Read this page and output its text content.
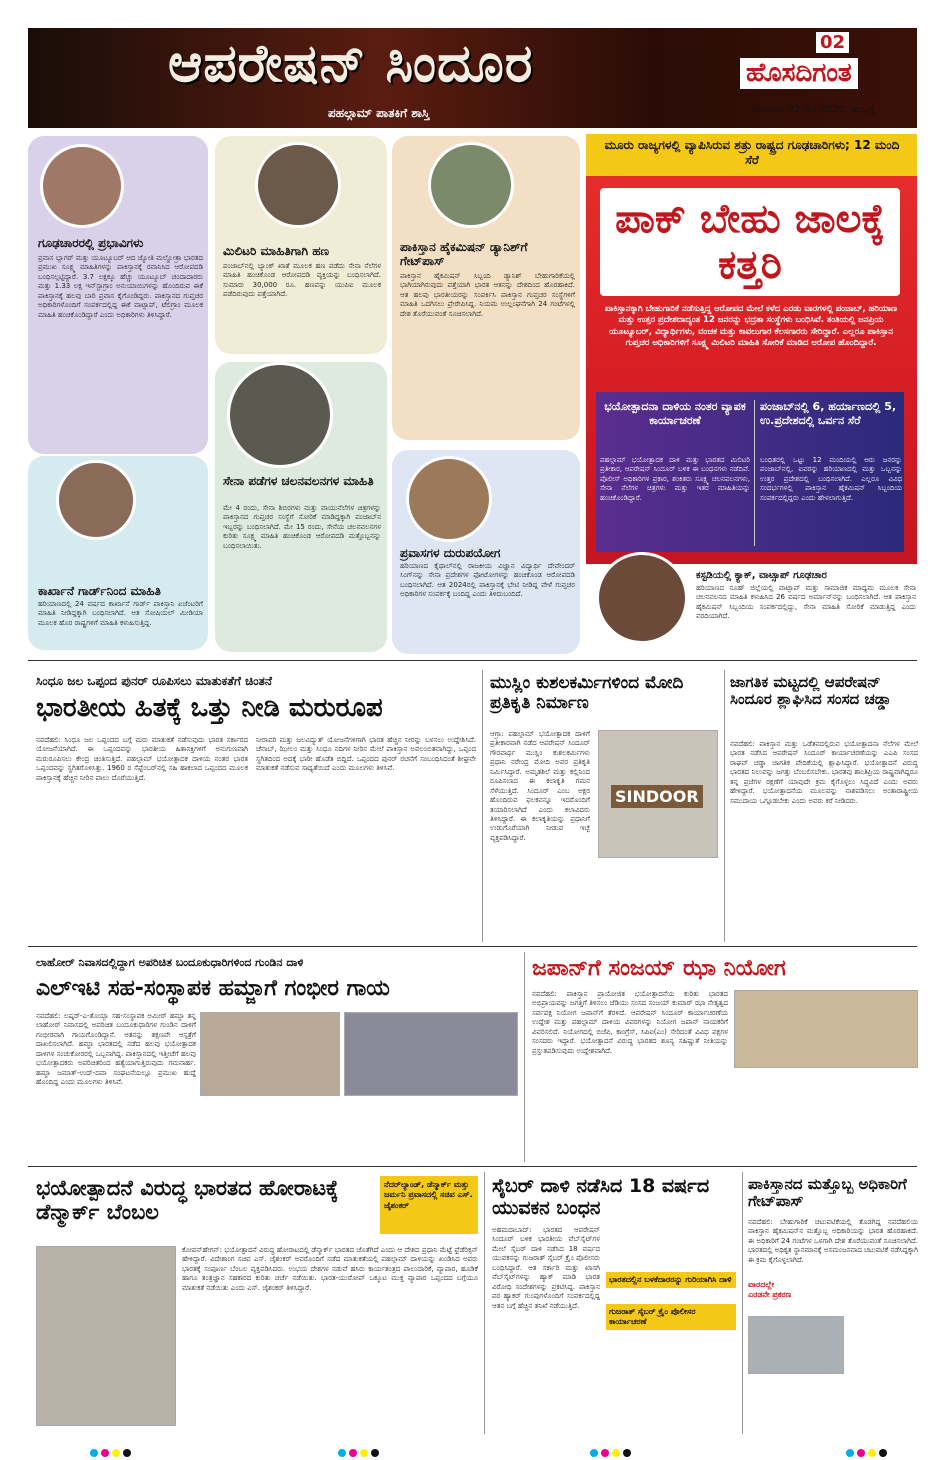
ಆಪರೇಷನ್ ಸಿಂದೂರ
ಪಹಲ್ಗಾಮ್ ಪಾತಕಿಗೆ ಶಾಸ್ತಿ
02
ಹೊಸದಿಗಂತ
ಗುರುವಾರ 22 ಮೇ 2025, ಹುಬ್ಬಳ್ಳಿ
ಗೂಢಚಾರರಲ್ಲಿ ಪ್ರಭಾವಿಗಳು
ಪ್ರವಾಸ ಬ್ಲಾಗರ್ ಮತ್ತು ಯೂಟ್ಯೂಬರ್ ಆದ ಜ್ಯೋತಿ ಮಲ್ಹೋತ್ರಾ ಭಾರತದ ಪ್ರಮುಖ ಸೂಕ್ಷ್ಮ ಮಾಹಿತಿಗಳನ್ನು ಪಾಕಿಸ್ತಾನಕ್ಕೆ ರವಾನಿಸಿದ ಆರೋಪದಡಿ ಬಂಧಿಸಲ್ಪಟ್ಟಿದ್ದಾರೆ. 3.7 ಲಕ್ಷಕ್ಕೂ ಹೆಚ್ಚು ಯೂಟ್ಯೂಬ್ ಚಂದಾದಾರರು ಮತ್ತು 1.33 ಲಕ್ಷ ಇನ್‌ಸ್ಟಾಗ್ರಾಂ ಅನುಯಾಯಿಗಳನ್ನು ಹೊಂದಿರುವ ಈಕೆ ಪಾಕಿಸ್ತಾನಕ್ಕೆ ಹಲವು ಬಾರಿ ಪ್ರವಾಸ ಕೈಗೊಂಡಿದ್ದರು. ಪಾಕಿಸ್ತಾನದ ಗುಪ್ತಚರ ಅಧಿಕಾರಿಗಳೊಂದಿಗೆ ಸಂಪರ್ಕದಲ್ಲಿದ್ದ ಈಕೆ ವಾಟ್ಸಾಪ್, ಟೆಲಿಗ್ರಾಂ ಮೂಲಕ ಮಾಹಿತಿ ಹಂಚಿಕೊಂಡಿದ್ದಾರೆ ಎಂದು ಅಧಿಕಾರಿಗಳು ತಿಳಿಸಿದ್ದಾರೆ.
ಮಿಲಿಟರಿ ಮಾಹಿತಿಗಾಗಿ ಹಣ
ಪಂಜಾಬ್‌ನಲ್ಲಿ ಬ್ಯಾಂಕ್ ಖಾತೆ ಮೂಲಕ ಹಣ ಪಡೆದು ಸೇನಾ ನೆಲೆಗಳ ಮಾಹಿತಿ ಹಂಚಿಕೊಂಡ ಆರೋಪದಡಿ ವ್ಯಕ್ತಿಯನ್ನು ಬಂಧಿಸಲಾಗಿದೆ. ಸುಮಾರು 30,000 ರೂ. ಹಣವನ್ನು ಯುಪಿಐ ಮೂಲಕ ಪಡೆದಿರುವುದು ಪತ್ತೆಯಾಗಿದೆ.
ಪಾಕಿಸ್ತಾನ ಹೈಕಮಿಷನ್ ಡ್ಯಾನಿಶ್‌ಗೆ ಗೇಟ್‌ಪಾಸ್
ಪಾಕಿಸ್ತಾನ ಹೈಕಮಿಷನ್ ಸಿಬ್ಬಂದಿ ಡ್ಯಾನಿಶ್ ಬೇಹುಗಾರಿಕೆಯಲ್ಲಿ ಭಾಗಿಯಾಗಿರುವುದು ಪತ್ತೆಯಾಗಿ ಭಾರತ ಆತನನ್ನು ದೇಶದಿಂದ ಹೊರಹಾಕಿದೆ. ಆತ ಹಲವು ಭಾರತೀಯರನ್ನು ಸಂಪರ್ಕಿಸಿ ಪಾಕಿಸ್ತಾನ ಗುಪ್ತಚರ ಸಂಸ್ಥೆಗಳಿಗೆ ಮಾಹಿತಿ ಒದಗಿಸಲು ಪ್ರೇರೇಪಿಸಿದ್ದ. ನಿಯಮ ಉಲ್ಲಂಘನೆಗಾಗಿ 24 ಗಂಟೆಗಳಲ್ಲಿ ದೇಶ ತೊರೆಯುವಂತೆ ಸೂಚಿಸಲಾಗಿದೆ.
ಕಾರ್ಖಾನೆ ಗಾರ್ಡ್‌ನಿಂದ ಮಾಹಿತಿ
ಹರಿಯಾಣದಲ್ಲಿ 24 ವರ್ಷದ ಕಾರ್ಖಾನೆ ಗಾರ್ಡ್ ಪಾಕಿಸ್ತಾನಿ ಏಜೆಂಟರಿಗೆ ಮಾಹಿತಿ ನೀಡಿದ್ದಕ್ಕಾಗಿ ಬಂಧಿಸಲಾಗಿದೆ. ಆತ ಸೋಷಿಯಲ್ ಮೀಡಿಯಾ ಮೂಲಕ ಹೊರ ರಾಷ್ಟ್ರಗಳಿಗೆ ಮಾಹಿತಿ ಕಳುಹಿಸುತ್ತಿದ್ದ.
ಸೇನಾ ಪಡೆಗಳ ಚಲನವಲನಗಳ ಮಾಹಿತಿ
ಮೇ 4 ರಂದು, ಸೇನಾ ಶಿಬಿರಗಳು ಮತ್ತು ವಾಯುನೆಲೆಗಳ ಚಿತ್ರಗಳನ್ನು ಪಾಕಿಸ್ತಾನದ ಗುಪ್ತಚರ ಸಂಸ್ಥೆಗೆ ಸೋರಿಕೆ ಮಾಡಿದ್ದಕ್ಕಾಗಿ ಪಂಜಾಬ್‌ನ ಇಬ್ಬರನ್ನು ಬಂಧಿಸಲಾಗಿದೆ. ಮೇ 15 ರಂದು, ಸೇನೆಯ ಚಲನವಲನಗಳ ಕುರಿತು ಸೂಕ್ಷ್ಮ ಮಾಹಿತಿ ಹಂಚಿಕೊಂಡ ಆರೋಪದಡಿ ಮತ್ತೊಬ್ಬನನ್ನು ಬಂಧಿಸಲಾಯಿತು.
ಪ್ರವಾಸಗಳ ದುರುಪಯೋಗ
ಹರಿಯಾಣದ ಕೈಥಾಲ್‌ನಲ್ಲಿ ರಾಜಕೀಯ ವಿಜ್ಞಾನ ವಿದ್ಯಾರ್ಥಿ ದೇವೇಂದರ್ ಸಿಂಗ್‌ನನ್ನು ಸೇನಾ ಪ್ರದೇಶಗಳ ಫೋಟೋಗಳನ್ನು ಹಂಚಿಕೊಂಡ ಆರೋಪದಡಿ ಬಂಧಿಸಲಾಗಿದೆ. ಆತ 2024ರಲ್ಲಿ ಪಾಕಿಸ್ತಾನಕ್ಕೆ ಭೇಟಿ ನೀಡಿದ್ದ ವೇಳೆ ಗುಪ್ತಚರ ಅಧಿಕಾರಿಗಳ ಸಂಪರ್ಕಕ್ಕೆ ಬಂದಿದ್ದ ಎಂದು ತಿಳಿದುಬಂದಿದೆ.
ಮೂರು ರಾಜ್ಯಗಳಲ್ಲಿ ವ್ಯಾಪಿಸಿರುವ ಶತ್ರು ರಾಷ್ಟ್ರದ ಗೂಢಚಾರಿಗಳು; 12 ಮಂದಿ ಸೆರೆ
ಪಾಕ್ ಬೇಹು ಜಾಲಕ್ಕೆ ಕತ್ತರಿ
ಪಾಕಿಸ್ತಾನಕ್ಕಾಗಿ ಬೇಹುಗಾರಿಕೆ ನಡೆಸುತ್ತಿದ್ದ ಆರೋಪದ ಮೇಲೆ ಕಳೆದ ಎರಡು ವಾರಗಳಲ್ಲಿ ಪಂಜಾಬ್, ಹರಿಯಾಣ ಮತ್ತು ಉತ್ತರ ಪ್ರದೇಶದಾದ್ಯಂತ 12 ಜನರನ್ನು ಭದ್ರತಾ ಸಂಸ್ಥೆಗಳು ಬಂಧಿಸಿವೆ. ತಂತಿಯಲ್ಲಿ ಜನಪ್ರಿಯ ಯೂಟ್ಯೂಬರ್, ವಿದ್ಯಾರ್ಥಿಗಳು, ವಂಚಕ ಮತ್ತು ಕಾವಲುಗಾರ ಕೆಲಸಗಾರರು ಸೇರಿದ್ದಾರೆ. ಎಲ್ಲರೂ ಪಾಕಿಸ್ತಾನ ಗುಪ್ತಚರ ಅಧಿಕಾರಿಗಳಿಗೆ ಸೂಕ್ಷ್ಮ ಮಿಲಿಟರಿ ಮಾಹಿತಿ ಸೋರಿಕೆ ಮಾಡಿದ ಆರೋಪ ಹೊಂದಿದ್ದಾರೆ.
ಭಯೋತ್ಪಾದನಾ ದಾಳಿಯ ನಂತರ ವ್ಯಾಪಕ ಕಾರ್ಯಾಚರಣೆ
ಪಹಲ್ಗಾಮ್ ಭಯೋತ್ಪಾದಕ ದಾಳಿ ಮತ್ತು ಭಾರತದ ಮಿಲಿಟರಿ ಪ್ರತೀಕಾರ, ಆಪರೇಷನ್ ಸಿಂದೂರ್ ಬಳಿಕ ಈ ಬಂಧನಗಳು ನಡೆದಿವೆ. ಪೊಲೀಸ್ ಅಧಿಕಾರಿಗಳ ಪ್ರಕಾರ, ಶಂಕಿತರು ಸೂಕ್ಷ್ಮ ಚಲನವಲನಗಳು, ಸೇನಾ ನೆಲೆಗಳ ಚಿತ್ರಗಳು ಮತ್ತು ಇತರ ಮಾಹಿತಿಯನ್ನು ಹಂಚಿಕೊಂಡಿದ್ದಾರೆ.
ಪಂಜಾಬ್‌ನಲ್ಲಿ 6, ಹರ್ಯಾಣದಲ್ಲಿ 5, ಉ.ಪ್ರದೇಶದಲ್ಲಿ ಒರ್ವನ ಸೆರೆ
ಬಂಧಿತರಲ್ಲಿ ಒಟ್ಟು 12 ಮಂದಿಯಲ್ಲಿ ಆರು ಜನರನ್ನು ಪಂಜಾಬ್‌ನಲ್ಲಿ, ಐವರನ್ನು ಹರಿಯಾಣದಲ್ಲಿ ಮತ್ತು ಒಬ್ಬನನ್ನು ಉತ್ತರ ಪ್ರದೇಶದಲ್ಲಿ ಬಂಧಿಸಲಾಗಿದೆ. ಎಲ್ಲರೂ ವಿವಿಧ ಸಂದರ್ಭಗಳಲ್ಲಿ ಪಾಕಿಸ್ತಾನ ಹೈಕಮಿಷನ್ ಸಿಬ್ಬಂದಿಯ ಸಂಪರ್ಕದಲ್ಲಿದ್ದರು ಎಂದು ಹೇಳಲಾಗುತ್ತಿದೆ.
ಕಸ್ಟಡಿಯಲ್ಲಿ ಕ್ಯಾಕ್, ವಾಟ್ಸಾಪ್ ಗೂಢಚಾರ
ಹರಿಯಾಣದ ನೂಹ್ ಜಿಲ್ಲೆಯಲ್ಲಿ ವಾಟ್ಸಾಪ್ ಮತ್ತು ಸಾಮಾಜಿಕ ಮಾಧ್ಯಮ ಮೂಲಕ ಸೇನಾ ಚಲನವಲನದ ಮಾಹಿತಿ ಕಳುಹಿಸಿದ 26 ವರ್ಷದ ಅರ್ಮಾನ್‌ನನ್ನು ಬಂಧಿಸಲಾಗಿದೆ. ಆತ ಪಾಕಿಸ್ತಾನ ಹೈಕಮಿಷನ್ ಸಿಬ್ಬಂದಿಯ ಸಂಪರ್ಕದಲ್ಲಿದ್ದು, ಸೇನಾ ಮಾಹಿತಿ ಸೋರಿಕೆ ಮಾಡುತ್ತಿದ್ದ ಎಂದು ವರದಿಯಾಗಿದೆ.
ಸಿಂಧೂ ಜಲ ಒಪ್ಪಂದ ಪುನರ್ ರೂಪಿಸಲು ಮಾತುಕತೆಗೆ ಚಿಂತನೆ
ಭಾರತೀಯ ಹಿತಕ್ಕೆ ಒತ್ತು ನೀಡಿ ಮರುರೂಪ
ನವದೆಹಲಿ: ಸಿಂಧೂ ಜಲ ಒಪ್ಪಂದದ ಬಗ್ಗೆ ಮರು ಮಾತುಕತೆ ನಡೆಸುವುದು ಭಾರತ ಸರ್ಕಾರದ ಯೋಜನೆಯಾಗಿದೆ. ಈ ಒಪ್ಪಂದವನ್ನು ಭಾರತೀಯ ಹಿತಾಸಕ್ತಿಗಳಿಗೆ ಅನುಗುಣವಾಗಿ ಮರುರೂಪಿಸಲು ಕೇಂದ್ರ ಚಿಂತಿಸುತ್ತಿದೆ. ಪಹಲ್ಗಾಮ್ ಭಯೋತ್ಪಾದಕ ದಾಳಿಯ ನಂತರ ಭಾರತ ಒಪ್ಪಂದವನ್ನು ಸ್ಥಗಿತಗೊಳಿಸಿತ್ತು. 1960 ರ ಸೆಪ್ಟೆಂಬರ್‌ನಲ್ಲಿ ಸಹಿ ಹಾಕಲಾದ ಒಪ್ಪಂದದ ಮೂಲಕ ಪಾಕಿಸ್ತಾನಕ್ಕೆ ಹೆಚ್ಚಿನ ನೀರಿನ ಪಾಲು ದೊರೆಯುತ್ತಿದೆ.
ನೀರಾವರಿ ಮತ್ತು ಜಲವಿದ್ಯುತ್ ಯೋಜನೆಗಳಿಗಾಗಿ ಭಾರತ ಹೆಚ್ಚಿನ ನೀರನ್ನು ಬಳಸಲು ಉದ್ದೇಶಿಸಿದೆ. ಚೆನಾಬ್, ಝೀಲಂ ಮತ್ತು ಸಿಂಧೂ ನದಿಗಳ ನೀರಿನ ಮೇಲೆ ಪಾಕಿಸ್ತಾನ ಅವಲಂಬಿತವಾಗಿದ್ದು, ಒಪ್ಪಂದ ಸ್ಥಗಿತದಿಂದ ಅದಕ್ಕೆ ಭಾರೀ ಹೊಡೆತ ಬಿದ್ದಿದೆ. ಒಪ್ಪಂದದ ಪುನರ್ ರಚನೆಗೆ ಸಂಬಂಧಿಸಿದಂತೆ ಶೀಘ್ರವೇ ಮಾತುಕತೆ ನಡೆಸುವ ಸಾಧ್ಯತೆಯಿದೆ ಎಂದು ಮೂಲಗಳು ತಿಳಿಸಿವೆ.
ಮುಸ್ಲಿಂ ಕುಶಲಕರ್ಮಿಗಳಿಂದ ಮೋದಿ ಪ್ರತಿಕೃತಿ ನಿರ್ಮಾಣ
ಆಗ್ರಾ: ಪಹಲ್ಗಾಮ್ ಭಯೋತ್ಪಾದಕ ದಾಳಿಗೆ ಪ್ರತೀಕಾರವಾಗಿ ನಡೆದ ಆಪರೇಷನ್ ಸಿಂದೂರ್ ಗೌರವಾರ್ಥ ಮುಸ್ಲಿಂ ಕುಶಲಕರ್ಮಿಗಳು ಪ್ರಧಾನಿ ನರೇಂದ್ರ ಮೋದಿ ಅವರ ಪ್ರತಿಕೃತಿ ನಿರ್ಮಿಸಿದ್ದಾರೆ. ಅಮೃತಶಿಲೆ ಮತ್ತು ಕಲ್ಲಿನಿಂದ ರೂಪಿಸಲಾದ ಈ ಕಲಾಕೃತಿ ಗಮನ ಸೆಳೆಯುತ್ತಿದೆ. ಸಿಂದೂರ್ ಎಂಬ ಅಕ್ಷರ ಹೊಂದಿರುವ ಫಲಕವನ್ನೂ ಇದರೊಂದಿಗೆ ತಯಾರಿಸಲಾಗಿದೆ ಎಂದು ಕಲಾವಿದರು ತಿಳಿಸಿದ್ದಾರೆ. ಈ ಕಲಾಕೃತಿಯನ್ನು ಪ್ರಧಾನಿಗೆ ಉಡುಗೊರೆಯಾಗಿ ನೀಡುವ ಇಚ್ಛೆ ವ್ಯಕ್ತಪಡಿಸಿದ್ದಾರೆ.
SINDOOR
ಜಾಗತಿಕ ಮಟ್ಟದಲ್ಲಿ ಆಪರೇಷನ್ ಸಿಂದೂರ ಶ್ಲಾಘಿಸಿದ ಸಂಸದ ಚಡ್ಡಾ
ನವದೆಹಲಿ: ಪಾಕಿಸ್ತಾನ ಮತ್ತು ಒಡೆತನದಲ್ಲಿರುವ ಭಯೋತ್ಪಾದನಾ ನೆಲೆಗಳ ಮೇಲೆ ಭಾರತ ನಡೆಸಿದ ಆಪರೇಷನ್ ಸಿಂದೂರ್ ಕಾರ್ಯಾಚರಣೆಯನ್ನು ಎಎಪಿ ಸಂಸದ ರಾಘವ್ ಚಡ್ಡಾ ಜಾಗತಿಕ ವೇದಿಕೆಯಲ್ಲಿ ಶ್ಲಾಘಿಸಿದ್ದಾರೆ. ಭಯೋತ್ಪಾದನೆ ವಿರುದ್ಧ ಭಾರತದ ನಿಲುವನ್ನು ಜಗತ್ತು ಬೆಂಬಲಿಸಬೇಕು. ಭಾರತವು ಶಾಂತಿಪ್ರಿಯ ರಾಷ್ಟ್ರವಾಗಿದ್ದರೂ ತನ್ನ ಪ್ರಜೆಗಳ ರಕ್ಷಣೆಗೆ ಯಾವುದೇ ಕ್ರಮ ಕೈಗೊಳ್ಳಲು ಸಿದ್ಧವಿದೆ ಎಂದು ಅವರು ಹೇಳಿದ್ದಾರೆ. ಭಯೋತ್ಪಾದನೆಯ ಮೂಲವನ್ನು ನಾಶಪಡಿಸಲು ಅಂತಾರಾಷ್ಟ್ರೀಯ ಸಮುದಾಯ ಒಗ್ಗೂಡಬೇಕು ಎಂದು ಅವರು ಕರೆ ನೀಡಿದರು.
ಲಾಹೋರ್ ನಿವಾಸದಲ್ಲಿದ್ದಾಗ ಅಪರಿಚಿತ ಬಂದೂಕುಧಾರಿಗಳಿಂದ ಗುಂಡಿನ ದಾಳಿ
ಎಲ್‌ಇಟಿ ಸಹ-ಸಂಸ್ಥಾಪಕ ಹಮ್ಜಾಗೆ ಗಂಭೀರ ಗಾಯ
ನವದೆಹಲಿ: ಲಷ್ಕರ್-ಎ-ತೊಯ್ಬಾ ಸಹ-ಸಂಸ್ಥಾಪಕ ಅಮೀರ್ ಹಮ್ಜಾ ತನ್ನ ಲಾಹೋರ್ ನಿವಾಸದಲ್ಲಿ ಅಪರಿಚಿತ ಬಂದೂಕುಧಾರಿಗಳ ಗುಂಡಿನ ದಾಳಿಗೆ ಗಂಭೀರವಾಗಿ ಗಾಯಗೊಂಡಿದ್ದಾನೆ. ಆತನನ್ನು ತಕ್ಷಣವೇ ಆಸ್ಪತ್ರೆಗೆ ದಾಖಲಿಸಲಾಗಿದೆ. ಹಮ್ಜಾ ಭಾರತದಲ್ಲಿ ನಡೆದ ಹಲವು ಭಯೋತ್ಪಾದಕ ದಾಳಿಗಳ ಸಂಚುಕೋರರಲ್ಲಿ ಒಬ್ಬನಾಗಿದ್ದ. ಪಾಕಿಸ್ತಾನದಲ್ಲಿ ಇತ್ತೀಚೆಗೆ ಹಲವು ಭಯೋತ್ಪಾದಕರು ಅಪರಿಚಿತರಿಂದ ಹತ್ಯೆಯಾಗುತ್ತಿರುವುದು ಗಮನಾರ್ಹ. ಹಮ್ಜಾ ಜಮಾತ್-ಉದ್-ದವಾ ಸಂಘಟನೆಯಲ್ಲೂ ಪ್ರಮುಖ ಹುದ್ದೆ ಹೊಂದಿದ್ದ ಎಂದು ಮೂಲಗಳು ತಿಳಿಸಿವೆ.
ಜಪಾನ್‌ಗೆ ಸಂಜಯ್ ಝಾ ನಿಯೋಗ
ನವದೆಹಲಿ: ಪಾಕಿಸ್ತಾನ ಪ್ರಾಯೋಜಿತ ಭಯೋತ್ಪಾದನೆಯ ಕುರಿತು ಭಾರತದ ಅಭಿಪ್ರಾಯವನ್ನು ಜಗತ್ತಿಗೆ ತಿಳಿಸಲು ಜೆಡಿಯು ಸಂಸದ ಸಂಜಯ್ ಕುಮಾರ್ ಝಾ ನೇತೃತ್ವದ ಸರ್ವಪಕ್ಷ ನಿಯೋಗ ಜಪಾನ್‌ಗೆ ತೆರಳಿದೆ. ಆಪರೇಷನ್ ಸಿಂದೂರ್ ಕಾರ್ಯಾಚರಣೆಯ ಉದ್ದೇಶ ಮತ್ತು ಪಹಲ್ಗಾಮ್ ದಾಳಿಯ ವಿವರಗಳನ್ನು ನಿಯೋಗ ಜಪಾನ್ ನಾಯಕರಿಗೆ ವಿವರಿಸಲಿದೆ. ನಿಯೋಗದಲ್ಲಿ ಬಿಜೆಪಿ, ಕಾಂಗ್ರೆಸ್, ಸಿಪಿಐ(ಎಂ) ಸೇರಿದಂತೆ ವಿವಿಧ ಪಕ್ಷಗಳ ಸಂಸದರು ಇದ್ದಾರೆ. ಭಯೋತ್ಪಾದನೆ ವಿರುದ್ಧ ಭಾರತದ ಶೂನ್ಯ ಸಹಿಷ್ಣುತೆ ನೀತಿಯನ್ನು ಪ್ರಸ್ತುತಪಡಿಸುವುದು ಉದ್ದೇಶವಾಗಿದೆ.
ಭಯೋತ್ಪಾದನೆ ವಿರುದ್ಧ ಭಾರತದ ಹೋರಾಟಕ್ಕೆ ಡೆನ್ಮಾರ್ಕ್ ಬೆಂಬಲ
ನೆದರ್‌ಲ್ಯಾಂಡ್, ಡೆನ್ಮಾರ್ಕ್ ಮತ್ತು ಜರ್ಮನಿ ಪ್ರವಾಸದಲ್ಲಿ ಸಚಿವ ಎಸ್. ಜೈಶಂಕರ್
ಕೋಪನ್‌ಹೇಗನ್: ಭಯೋತ್ಪಾದನೆ ವಿರುದ್ಧ ಹೋರಾಟದಲ್ಲಿ ಡೆನ್ಮಾರ್ಕ್ ಭಾರತದ ಜೊತೆಗಿದೆ ಎಂದು ಆ ದೇಶದ ಪ್ರಧಾನಿ ಮೆಟ್ಟೆ ಫ್ರೆಡೆರಿಕ್ಸನ್ ಹೇಳಿದ್ದಾರೆ. ವಿದೇಶಾಂಗ ಸಚಿವ ಎಸ್. ಜೈಶಂಕರ್ ಅವರೊಂದಿಗೆ ನಡೆದ ಮಾತುಕತೆಯಲ್ಲಿ ಪಹಲ್ಗಾಮ್ ದಾಳಿಯನ್ನು ಖಂಡಿಸಿದ ಅವರು ಭಾರತಕ್ಕೆ ಸಂಪೂರ್ಣ ಬೆಂಬಲ ವ್ಯಕ್ತಪಡಿಸಿದರು. ಉಭಯ ದೇಶಗಳ ನಡುವೆ ಹಸಿರು ಕಾರ್ಯತಂತ್ರದ ಪಾಲುದಾರಿಕೆ, ವ್ಯಾಪಾರ, ಹೂಡಿಕೆ ಹಾಗೂ ತಂತ್ರಜ್ಞಾನ ಸಹಕಾರದ ಕುರಿತು ಚರ್ಚೆ ನಡೆಯಿತು. ಭಾರತ-ಯುರೋಪ್ ಒಕ್ಕೂಟ ಮುಕ್ತ ವ್ಯಾಪಾರ ಒಪ್ಪಂದದ ಬಗ್ಗೆಯೂ ಮಾತುಕತೆ ನಡೆಯಿತು ಎಂದು ಎಸ್. ಜೈಶಂಕರ್ ತಿಳಿಸಿದ್ದಾರೆ.
ಸೈಬರ್ ದಾಳಿ ನಡೆಸಿದ 18 ವರ್ಷದ ಯುವಕನ ಬಂಧನ
ಅಹಮದಾಬಾದ್: ಭಾರತದ ಆಪರೇಷನ್ ಸಿಂದೂರ್ ಬಳಿಕ ಭಾರತೀಯ ವೆಬ್‌ಸೈಟ್‌ಗಳ ಮೇಲೆ ಸೈಬರ್ ದಾಳಿ ನಡೆಸಿದ 18 ವರ್ಷದ ಯುವಕನನ್ನು ಗುಜರಾತ್ ಸೈಬರ್ ಕ್ರೈಂ ಪೊಲೀಸರು ಬಂಧಿಸಿದ್ದಾರೆ. ಆತ ಸರ್ಕಾರಿ ಮತ್ತು ಖಾಸಗಿ ವೆಬ್‌ಸೈಟ್‌ಗಳನ್ನು ಹ್ಯಾಕ್ ಮಾಡಿ ಭಾರತ ವಿರೋಧಿ ಸಂದೇಶಗಳನ್ನು ಪ್ರಕಟಿಸಿದ್ದ. ಪಾಕಿಸ್ತಾನ ಪರ ಹ್ಯಾಕರ್ ಗುಂಪುಗಳೊಂದಿಗೆ ಸಂಪರ್ಕದಲ್ಲಿದ್ದ ಆತನ ಬಗ್ಗೆ ಹೆಚ್ಚಿನ ತನಿಖೆ ನಡೆಯುತ್ತಿದೆ.
ಭಾರತದಲ್ಲಿನ ಬಳಕೆದಾರರನ್ನು ಗುರಿಯಾಗಿಸಿ ದಾಳಿ
ಗುಜರಾತ್ ಸೈಬರ್ ಕ್ರೈಂ ಪೊಲೀಸರ ಕಾರ್ಯಾಚರಣೆ
ಪಾಕಿಸ್ತಾನದ ಮತ್ತೊಬ್ಬ ಅಧಿಕಾರಿಗೆ ಗೇಟ್‌ಪಾಸ್
ನವದೆಹಲಿ: ಬೇಹುಗಾರಿಕೆ ಚಟುವಟಿಕೆಯಲ್ಲಿ ತೊಡಗಿದ್ದ ನವದೆಹಲಿಯ ಪಾಕಿಸ್ತಾನ ಹೈಕಮಿಷನ್‌ನ ಮತ್ತೊಬ್ಬ ಅಧಿಕಾರಿಯನ್ನು ಭಾರತ ಹೊರಹಾಕಿದೆ. ಈ ಅಧಿಕಾರಿಗೆ 24 ಗಂಟೆಗಳ ಒಳಗಾಗಿ ದೇಶ ತೊರೆಯುವಂತೆ ಸೂಚಿಸಲಾಗಿದೆ. ಭಾರತದಲ್ಲಿ ಅಧಿಕೃತ ಸ್ಥಾನಮಾನಕ್ಕೆ ಅಸಮಂಜಸವಾದ ಚಟುವಟಿಕೆ ನಡೆಸಿದ್ದಕ್ಕಾಗಿ ಈ ಕ್ರಮ ಕೈಗೊಳ್ಳಲಾಗಿದೆ.
ವಾರದಲ್ಲೇ ಎರಡನೇ ಪ್ರಕರಣ
